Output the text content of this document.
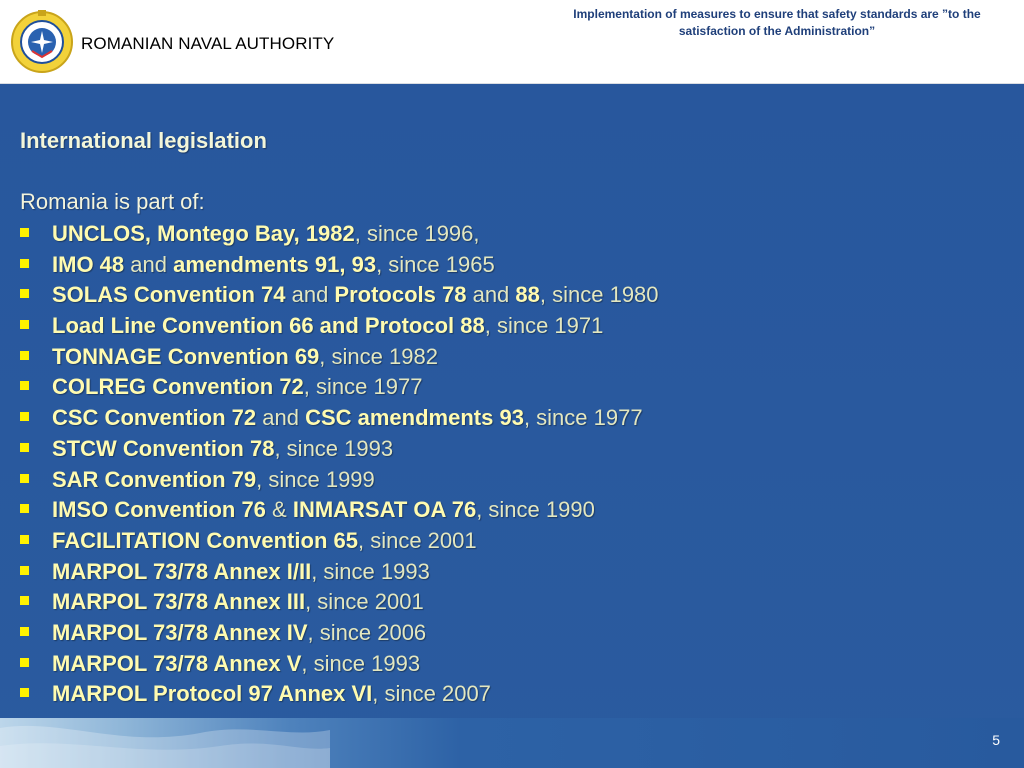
ROMANIAN NAVAL AUTHORITY
Implementation of measures to ensure that safety standards are ”to the satisfaction of the Administration”
International legislation
Romania is part of:
UNCLOS, Montego Bay, 1982, since 1996,
IMO 48 and amendments 91, 93, since 1965
SOLAS Convention 74 and Protocols 78 and 88, since 1980
Load Line Convention 66 and Protocol 88, since 1971
TONNAGE Convention 69, since 1982
COLREG Convention 72, since 1977
CSC Convention 72 and CSC amendments 93, since 1977
STCW Convention 78, since 1993
SAR Convention 79, since 1999
IMSO Convention 76 & INMARSAT OA 76, since 1990
FACILITATION Convention 65, since 2001
MARPOL 73/78 Annex I/II, since 1993
MARPOL 73/78 Annex III, since 2001
MARPOL 73/78 Annex IV, since 2006
MARPOL 73/78 Annex V, since 1993
MARPOL Protocol 97 Annex VI, since 2007
5
